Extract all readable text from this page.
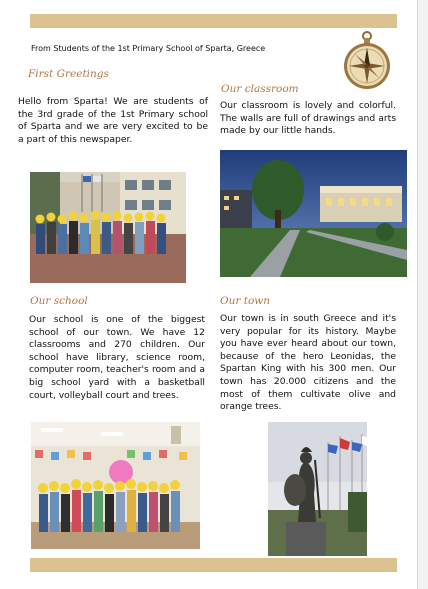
From Students of the 1st Primary School of Sparta, Greece
First Greetings
Hello from Sparta! We are students of the 3rd grade of the 1st Primary school of Sparta and we are very excited to be a part of this newspaper.
Our classroom
Our classroom is lovely and colorful. The walls are full of drawings and arts made by our little hands.
Our school
Our school is one of the biggest school of our town. We have 12 classrooms and 270 children. Our school have library, science room, computer room, teacher's room and a big school yard with a basketball court, volleyball court and trees.
Our town
Our town is in south Greece and it's very popular for its history. Maybe you have ever heard about our town, because of the hero Leonidas, the Spartan King with his 300 men. Our town has 20.000 citizens and the most of them cultivate olive and orange trees.
